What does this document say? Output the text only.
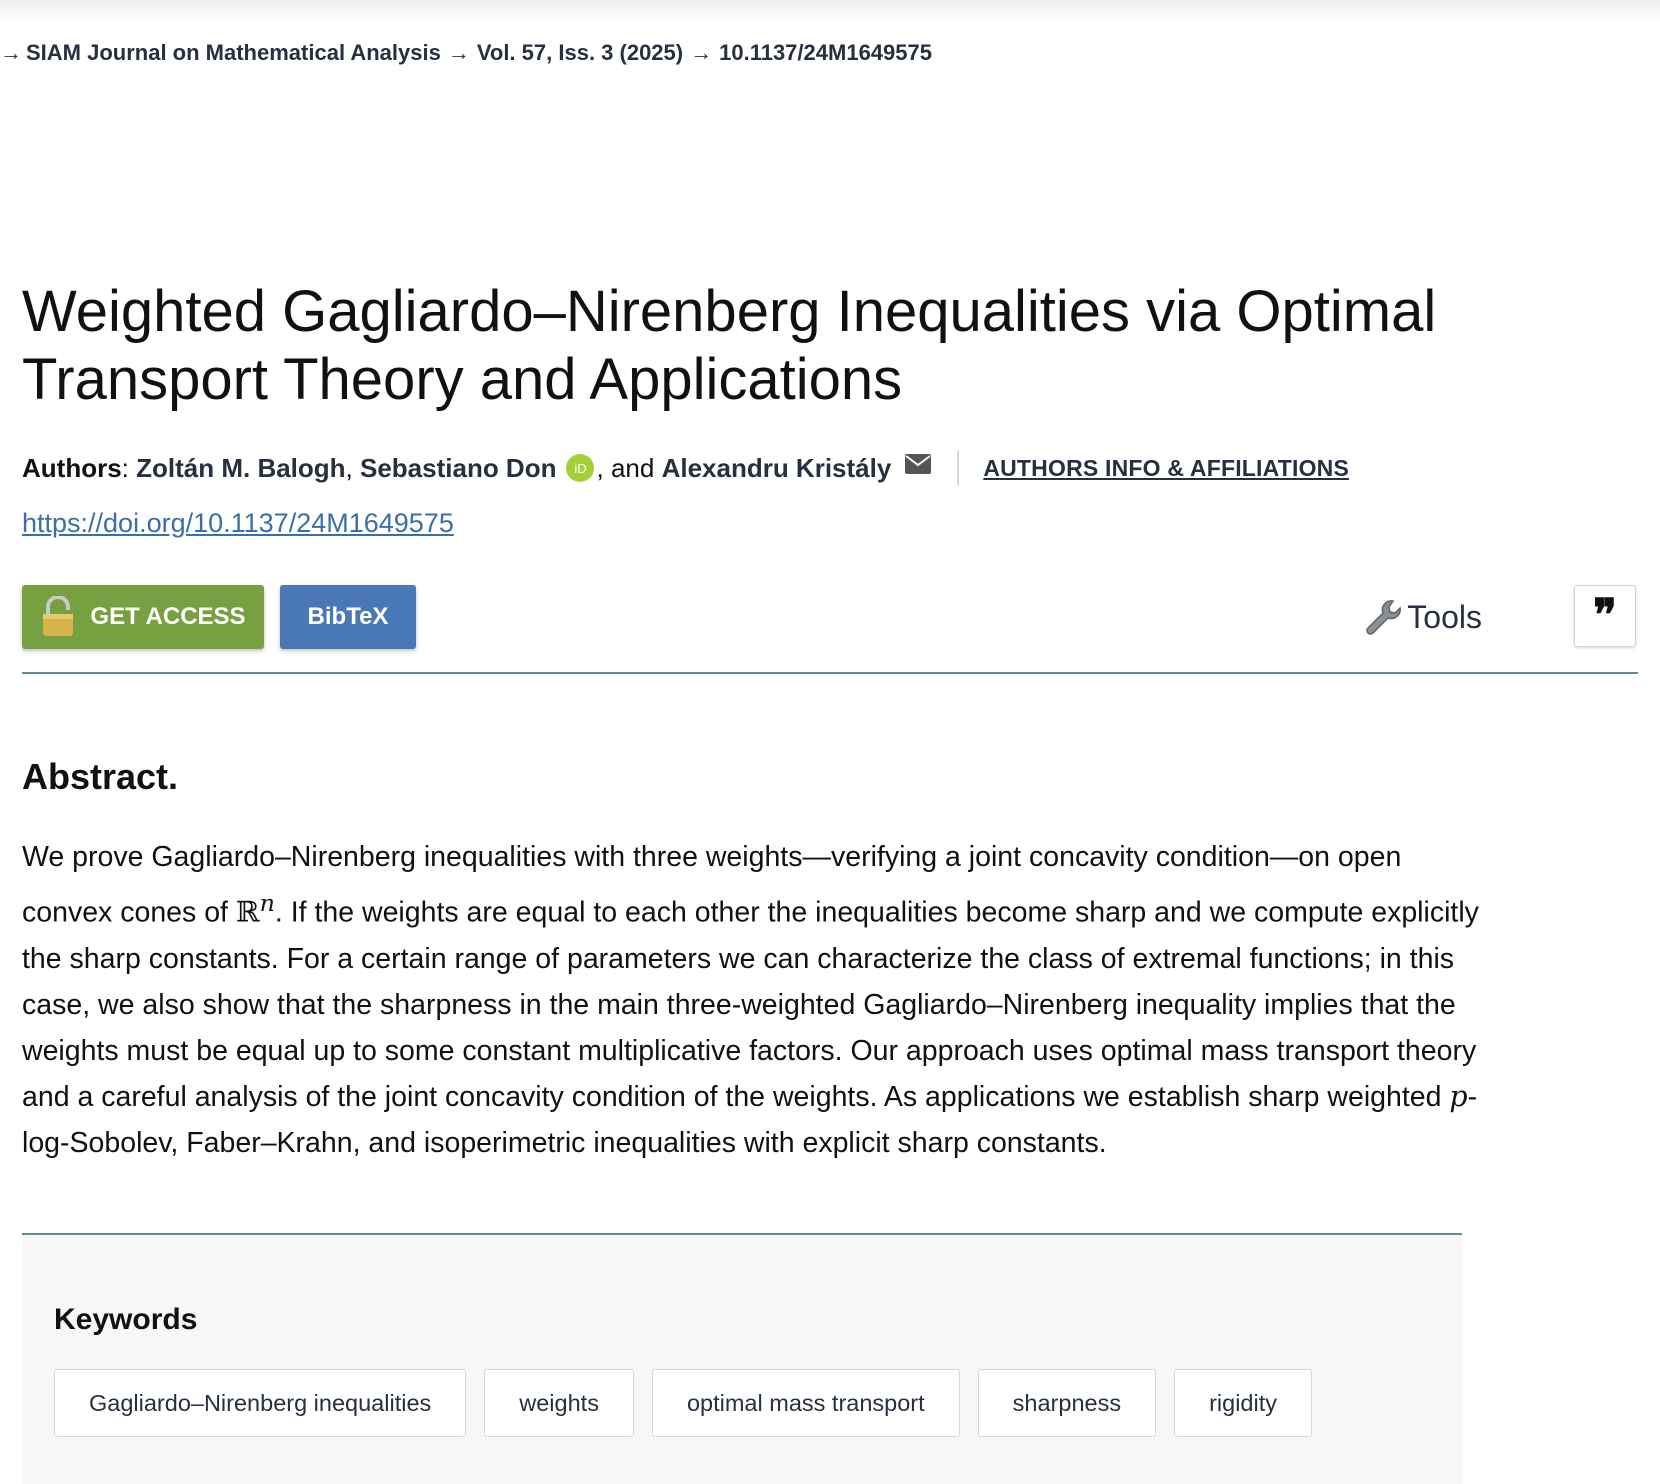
→ SIAM Journal on Mathematical Analysis → Vol. 57, Iss. 3 (2025) → 10.1137/24M1649575
Weighted Gagliardo–Nirenberg Inequalities via Optimal Transport Theory and Applications
Authors : Zoltán M. Balogh , Sebastiano Don	iD , and
Alexandru Kristály	AUTHORS INFO & AFFILIATIONS
https://doi.org/10.1137/24M1649575
GET ACCESS	BibTeX	Tools	❞
Abstract.

We prove Gagliardo–Nirenberg inequalities with three weights—verifying a joint concavity condition—on open convex cones of ℝ$^n$. If the weights are equal to each other the inequalities become sharp and we compute explicitly the sharp constants. For a certain range of parameters we can characterize the class of extremal functions; in this case, we also show that the sharpness in the main three-weighted Gagliardo–Nirenberg inequality implies that the weights must be equal up to some constant multiplicative factors. Our approach uses optimal mass transport theory and a careful analysis of the joint concavity condition of the weights. As applications we establish sharp weighted p-log-Sobolev, Faber–Krahn, and isoperimetric inequalities with explicit sharp constants.

Keywords
Gagliardo–Nirenberg inequalities	weights	optimal mass transport	sharpness	rigidity
